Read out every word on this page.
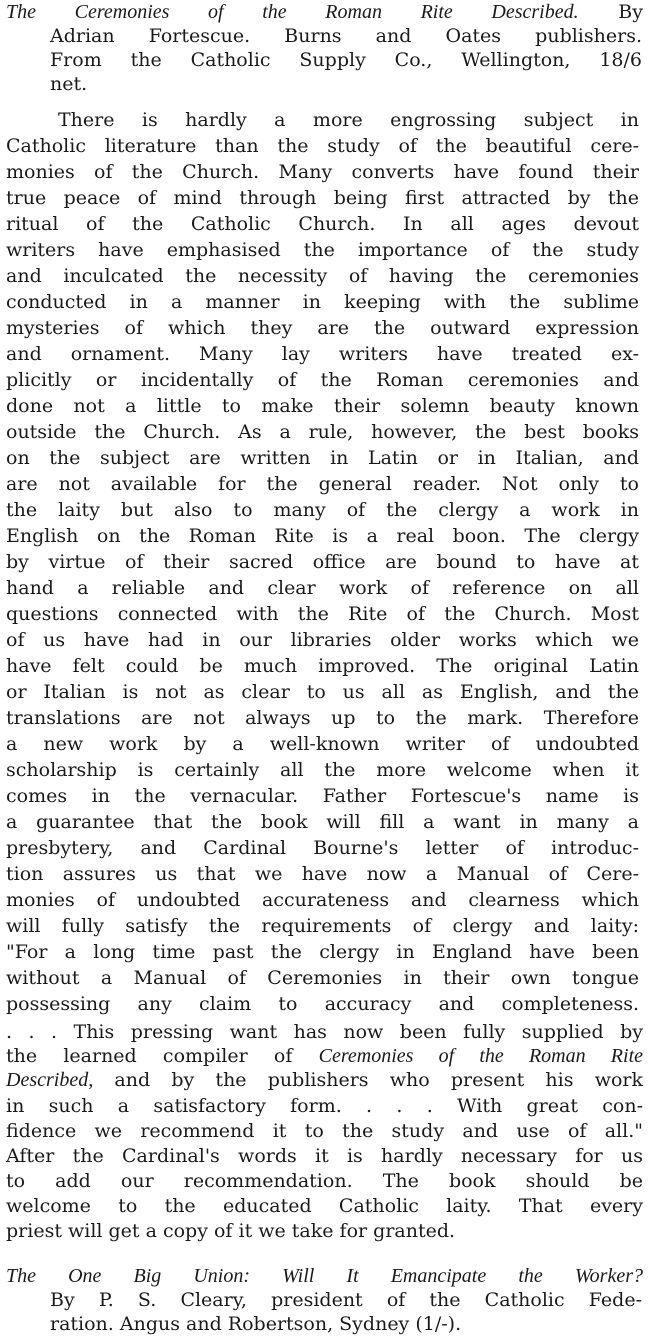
The Ceremonies of the Roman Rite Described. By
Adrian Fortescue. Burns and Oates publishers.
From the Catholic Supply Co., Wellington, 18/6
net.
There is hardly a more engrossing subject in
Catholic literature than the study of the beautiful cere-
monies of the Church. Many converts have found their
true peace of mind through being first attracted by the
ritual of the Catholic Church. In all ages devout
writers have emphasised the importance of the study
and inculcated the necessity of having the ceremonies
conducted in a manner in keeping with the sublime
mysteries of which they are the outward expression
and ornament. Many lay writers have treated ex-
plicitly or incidentally of the Roman ceremonies and
done not a little to make their solemn beauty known
outside the Church. As a rule, however, the best books
on the subject are written in Latin or in Italian, and
are not available for the general reader. Not only to
the laity but also to many of the clergy a work in
English on the Roman Rite is a real boon. The clergy
by virtue of their sacred office are bound to have at
hand a reliable and clear work of reference on all
questions connected with the Rite of the Church. Most
of us have had in our libraries older works which we
have felt could be much improved. The original Latin
or Italian is not as clear to us all as English, and the
translations are not always up to the mark. Therefore
a new work by a well-known writer of undoubted
scholarship is certainly all the more welcome when it
comes in the vernacular. Father Fortescue's name is
a guarantee that the book will fill a want in many a
presbytery, and Cardinal Bourne's letter of introduc-
tion assures us that we have now a Manual of Cere-
monies of undoubted accurateness and clearness which
will fully satisfy the requirements of clergy and laity:
"For a long time past the clergy in England have been
without a Manual of Ceremonies in their own tongue
possessing any claim to accuracy and completeness.
. . . This pressing want has now been fully supplied by
the learned compiler of Ceremonies of the Roman Rite
Described, and by the publishers who present his work
in such a satisfactory form. . . . With great con-
fidence we recommend it to the study and use of all."
After the Cardinal's words it is hardly necessary for us
to add our recommendation. The book should be
welcome to the educated Catholic laity. That every
priest will get a copy of it we take for granted.
The One Big Union: Will It Emancipate the Worker?
By P. S. Cleary, president of the Catholic Fede-
ration. Angus and Robertson, Sydney (1/-).
